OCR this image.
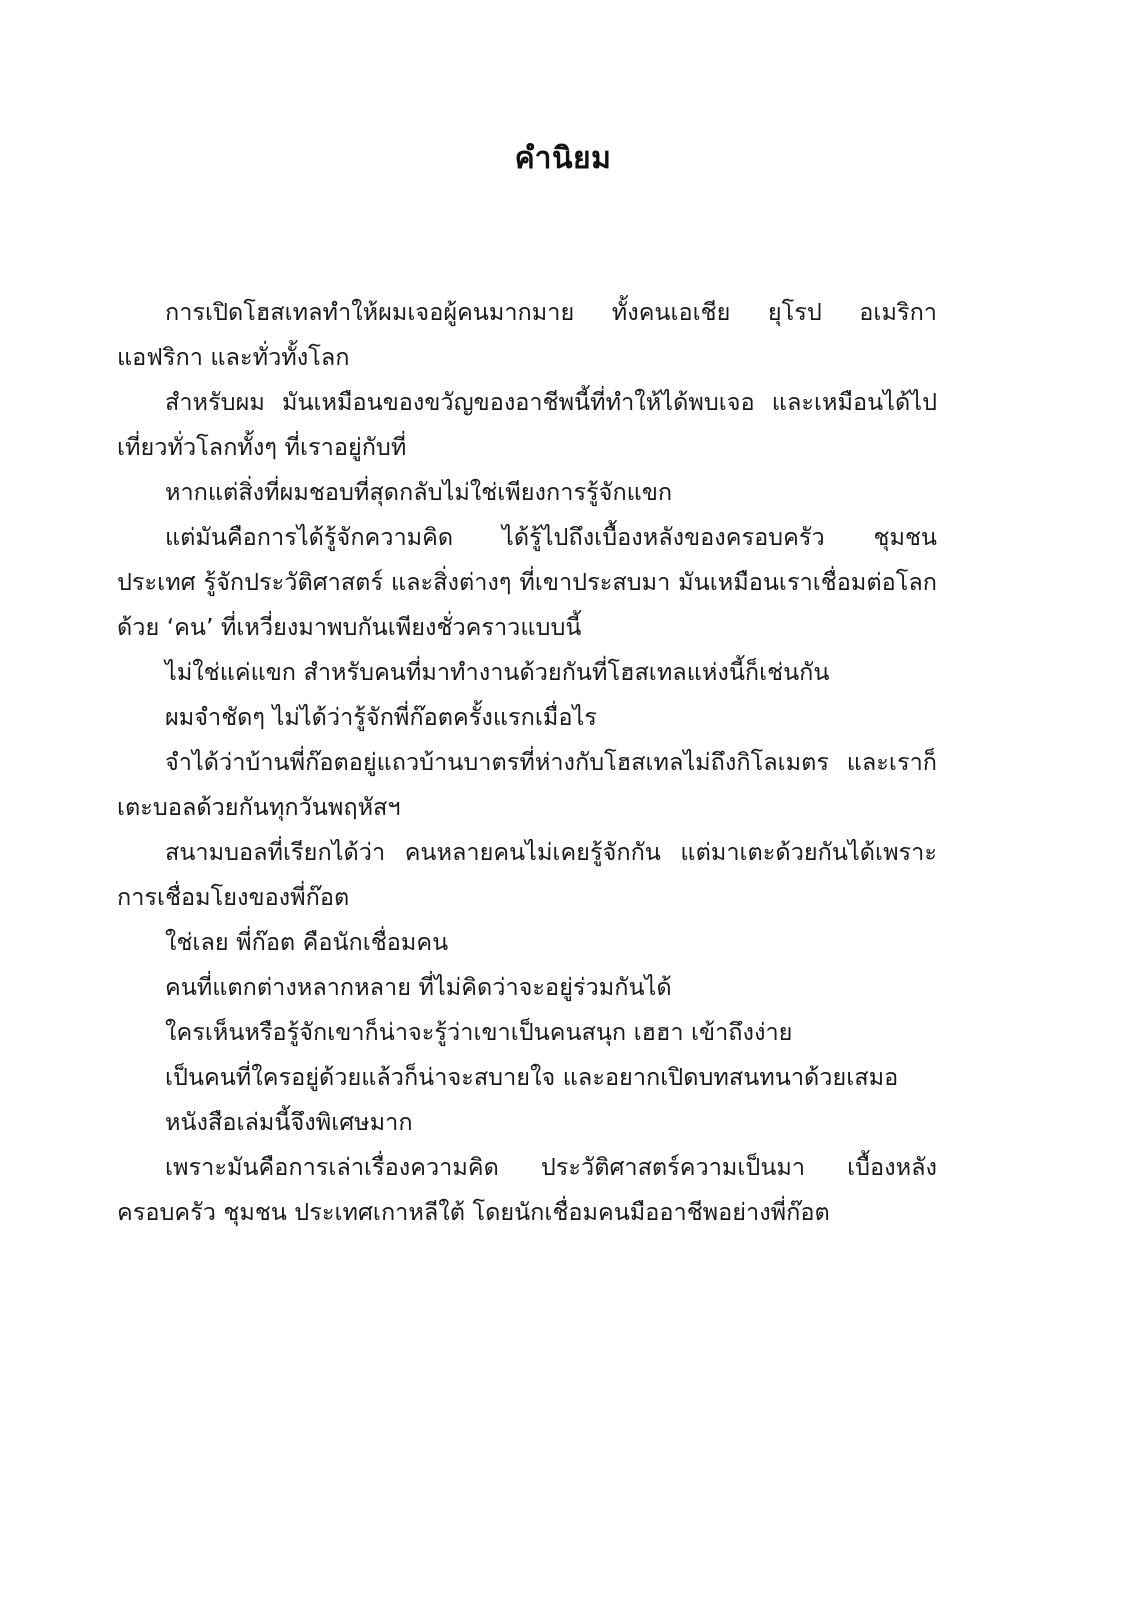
คำนิยม

การเปิดโฮสเทลทำให้ผมเจอผู้คนมากมาย ทั้งคนเอเชีย ยุโรป อเมริกา แอฟริกา และทั่วทั้งโลก

สำหรับผม มันเหมือนของขวัญของอาชีพนี้ที่ทำให้ได้พบเจอ และเหมือนได้ไปเที่ยวทั่วโลกทั้งๆ ที่เราอยู่กับที่

หากแต่สิ่งที่ผมชอบที่สุดกลับไม่ใช่เพียงการรู้จักแขก

แต่มันคือการได้รู้จักความคิด ได้รู้ไปถึงเบื้องหลังของครอบครัว ชุมชน ประเทศ รู้จักประวัติศาสตร์ และสิ่งต่างๆ ที่เขาประสบมา มันเหมือนเราเชื่อมต่อโลกด้วย ‘คน’ ที่เหวี่ยงมาพบกันเพียงชั่วคราวแบบนี้

ไม่ใช่แค่แขก สำหรับคนที่มาทำงานด้วยกันที่โฮสเทลแห่งนี้ก็เช่นกัน

ผมจำชัดๆ ไม่ได้ว่ารู้จักพี่ก๊อตครั้งแรกเมื่อไร

จำได้ว่าบ้านพี่ก๊อตอยู่แถวบ้านบาตรที่ห่างกับโฮสเทลไม่ถึงกิโลเมตร และเราก็เตะบอลด้วยกันทุกวันพฤหัสฯ

สนามบอลที่เรียกได้ว่า คนหลายคนไม่เคยรู้จักกัน แต่มาเตะด้วยกันได้เพราะการเชื่อมโยงของพี่ก๊อต

ใช่เลย พี่ก๊อต คือนักเชื่อมคน

คนที่แตกต่างหลากหลาย ที่ไม่คิดว่าจะอยู่ร่วมกันได้

ใครเห็นหรือรู้จักเขาก็น่าจะรู้ว่าเขาเป็นคนสนุก เฮฮา เข้าถึงง่าย

เป็นคนที่ใครอยู่ด้วยแล้วก็น่าจะสบายใจ และอยากเปิดบทสนทนาด้วยเสมอ

หนังสือเล่มนี้จึงพิเศษมาก

เพราะมันคือการเล่าเรื่องความคิด ประวัติศาสตร์ความเป็นมา เบื้องหลัง ครอบครัว ชุมชน ประเทศเกาหลีใต้ โดยนักเชื่อมคนมืออาชีพอย่างพี่ก๊อต
